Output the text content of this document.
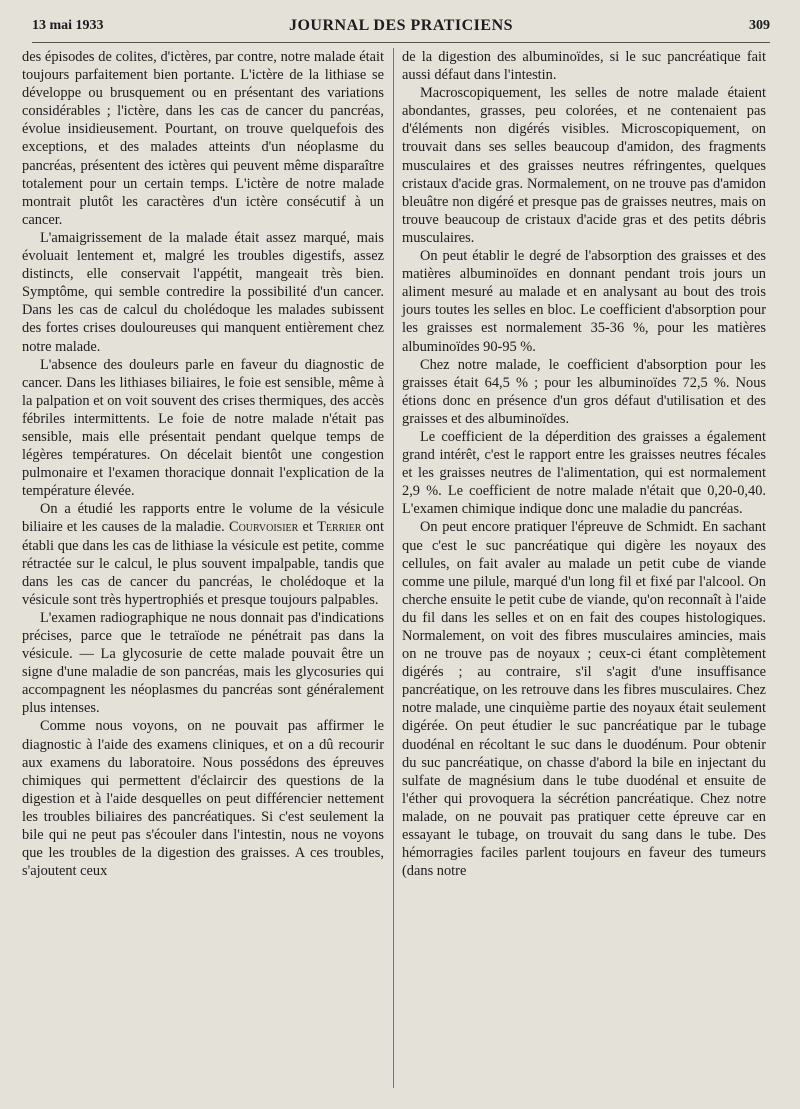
13 mai 1933	JOURNAL DES PRATICIENS	309

des épisodes de colites, d'ictères, par contre, notre malade était toujours parfaitement bien portante. L'ictère de la lithiase se développe ou brusquement ou en présentant des variations considérables ; l'ictère, dans les cas de cancer du pancréas, évolue insidieusement. Pourtant, on trouve quelquefois des exceptions, et des malades atteints d'un néoplasme du pancréas, présentent des ictères qui peuvent même disparaître totalement pour un certain temps. L'ictère de notre malade montrait plutôt les caractères d'un ictère consécutif à un cancer.

L'amaigrissement de la malade était assez marqué, mais évoluait lentement et, malgré les troubles digestifs, assez distincts, elle conservait l'appétit, mangeait très bien. Symptôme, qui semble contredire la possibilité d'un cancer. Dans les cas de calcul du cholédoque les malades subissent des fortes crises douloureuses qui manquent entièrement chez notre malade.

L'absence des douleurs parle en faveur du diagnostic de cancer. Dans les lithiases biliaires, le foie est sensible, même à la palpation et on voit souvent des crises thermiques, des accès fébriles intermittents. Le foie de notre malade n'était pas sensible, mais elle présentait pendant quelque temps de légères températures. On décelait bientôt une congestion pulmonaire et l'examen thoracique donnait l'explication de la température élevée.

On a étudié les rapports entre le volume de la vésicule biliaire et les causes de la maladie. Courvoisier et Terrier ont établi que dans les cas de lithiase la vésicule est petite, comme rétractée sur le calcul, le plus souvent impalpable, tandis que dans les cas de cancer du pancréas, le cholédoque et la vésicule sont très hypertrophiés et presque toujours palpables.

L'examen radiographique ne nous donnait pas d'indications précises, parce que le tetraïode ne pénétrait pas dans la vésicule. — La glycosurie de cette malade pouvait être un signe d'une maladie de son pancréas, mais les glycosuries qui accompagnent les néoplasmes du pancréas sont généralement plus intenses.

Comme nous voyons, on ne pouvait pas affirmer le diagnostic à l'aide des examens cliniques, et on a dû recourir aux examens du laboratoire. Nous possédons des épreuves chimiques qui permettent d'éclaircir des questions de la digestion et à l'aide desquelles on peut différencier nettement les troubles biliaires des pancréatiques. Si c'est seulement la bile qui ne peut pas s'écouler dans l'intestin, nous ne voyons que les troubles de la digestion des graisses. A ces troubles, s'ajoutent ceux

de la digestion des albuminoïdes, si le suc pancréatique fait aussi défaut dans l'intestin.

Macroscopiquement, les selles de notre malade étaient abondantes, grasses, peu colorées, et ne contenaient pas d'éléments non digérés visibles. Microscopiquement, on trouvait dans ses selles beaucoup d'amidon, des fragments musculaires et des graisses neutres réfringentes, quelques cristaux d'acide gras. Normalement, on ne trouve pas d'amidon bleuâtre non digéré et presque pas de graisses neutres, mais on trouve beaucoup de cristaux d'acide gras et des petits débris musculaires.

On peut établir le degré de l'absorption des graisses et des matières albuminoïdes en donnant pendant trois jours un aliment mesuré au malade et en analysant au bout des trois jours toutes les selles en bloc. Le coefficient d'absorption pour les graisses est normalement 35-36 %, pour les matières albuminoïdes 90-95 %.

Chez notre malade, le coefficient d'absorption pour les graisses était 64,5 % ; pour les albuminoïdes 72,5 %. Nous étions donc en présence d'un gros défaut d'utilisation et des graisses et des albuminoïdes.

Le coefficient de la déperdition des graisses a également grand intérêt, c'est le rapport entre les graisses neutres fécales et les graisses neutres de l'alimentation, qui est normalement 2,9 %. Le coefficient de notre malade n'était que 0,20-0,40. L'examen chimique indique donc une maladie du pancréas.

On peut encore pratiquer l'épreuve de Schmidt. En sachant que c'est le suc pancréatique qui digère les noyaux des cellules, on fait avaler au malade un petit cube de viande comme une pilule, marqué d'un long fil et fixé par l'alcool. On cherche ensuite le petit cube de viande, qu'on reconnaît à l'aide du fil dans les selles et on en fait des coupes histologiques. Normalement, on voit des fibres musculaires amincies, mais on ne trouve pas de noyaux ; ceux-ci étant complètement digérés ; au contraire, s'il s'agit d'une insuffisance pancréatique, on les retrouve dans les fibres musculaires. Chez notre malade, une cinquième partie des noyaux était seulement digérée. On peut étudier le suc pancréatique par le tubage duodénal en récoltant le suc dans le duodénum. Pour obtenir du suc pancréatique, on chasse d'abord la bile en injectant du sulfate de magnésium dans le tube duodénal et ensuite de l'éther qui provoquera la sécrétion pancréatique. Chez notre malade, on ne pouvait pas pratiquer cette épreuve car en essayant le tubage, on trouvait du sang dans le tube. Des hémorragies faciles parlent toujours en faveur des tumeurs (dans notre
